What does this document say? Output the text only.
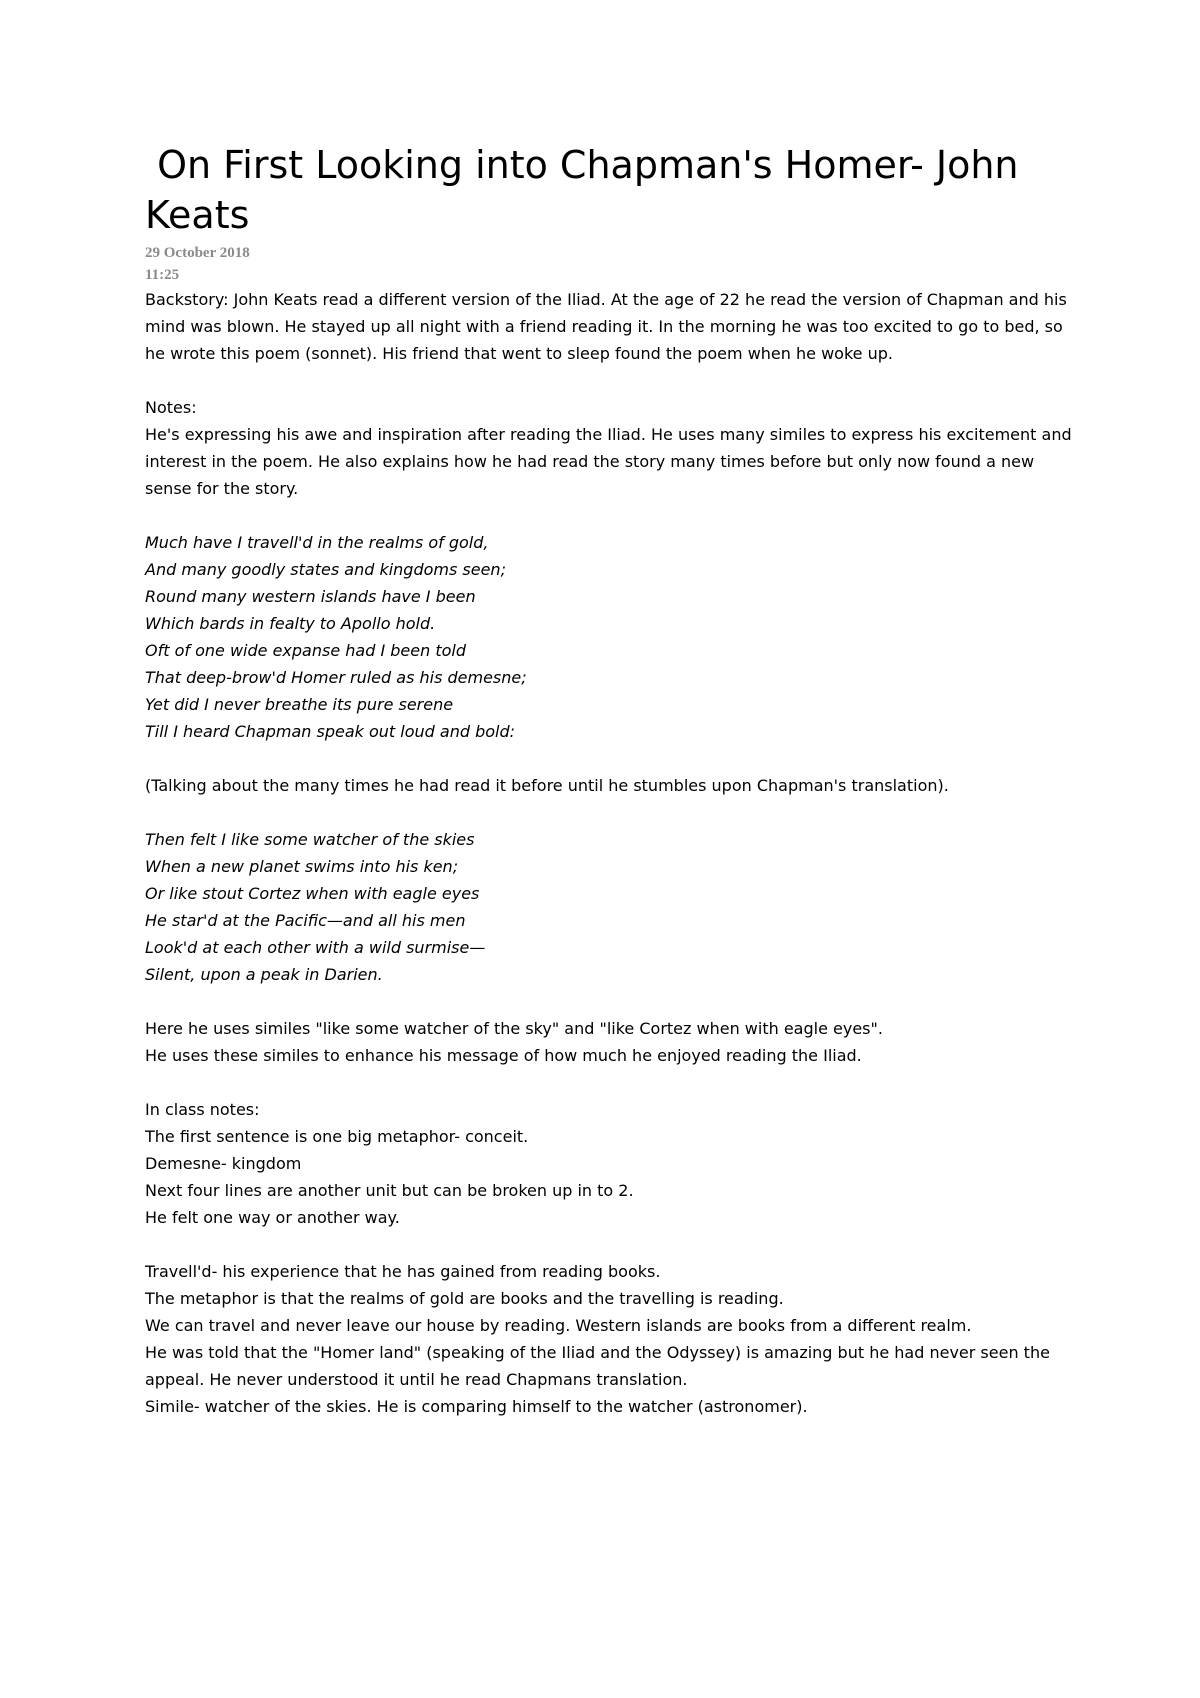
On First Looking into Chapman's Homer- John Keats
29 October 2018
11:25

Backstory: John Keats read a different version of the Iliad. At the age of 22 he read the version of Chapman and his mind was blown. He stayed up all night with a friend reading it. In the morning he was too excited to go to bed, so he wrote this poem (sonnet). His friend that went to sleep found the poem when he woke up.

Notes:
He's expressing his awe and inspiration after reading the Iliad. He uses many similes to express his excitement and interest in the poem. He also explains how he had read the story many times before but only now found a new sense for the story.
Much have I travell'd in the realms of gold,
And many goodly states and kingdoms seen;
Round many western islands have I been
Which bards in fealty to Apollo hold.
Oft of one wide expanse had I been told
That deep-brow'd Homer ruled as his demesne;
Yet did I never breathe its pure serene
Till I heard Chapman speak out loud and bold:

(Talking about the many times he had read it before until he stumbles upon Chapman's translation).

Then felt I like some watcher of the skies
When a new planet swims into his ken;
Or like stout Cortez when with eagle eyes
He star'd at the Pacific—and all his men
Look'd at each other with a wild surmise—
Silent, upon a peak in Darien.
Here he uses similes "like some watcher of the sky" and "like Cortez when with eagle eyes".
He uses these similes to enhance his message of how much he enjoyed reading the Iliad.
In class notes:
The first sentence is one big metaphor- conceit.
Demesne- kingdom
Next four lines are another unit but can be broken up in to 2.
He felt one way or another way.
Travell'd- his experience that he has gained from reading books.
The metaphor is that the realms of gold are books and the travelling is reading.
We can travel and never leave our house by reading. Western islands are books from a different realm.
He was told that the "Homer land" (speaking of the Iliad and the Odyssey) is amazing but he had never seen the appeal. He never understood it until he read Chapmans translation.
Simile- watcher of the skies. He is comparing himself to the watcher (astronomer).
